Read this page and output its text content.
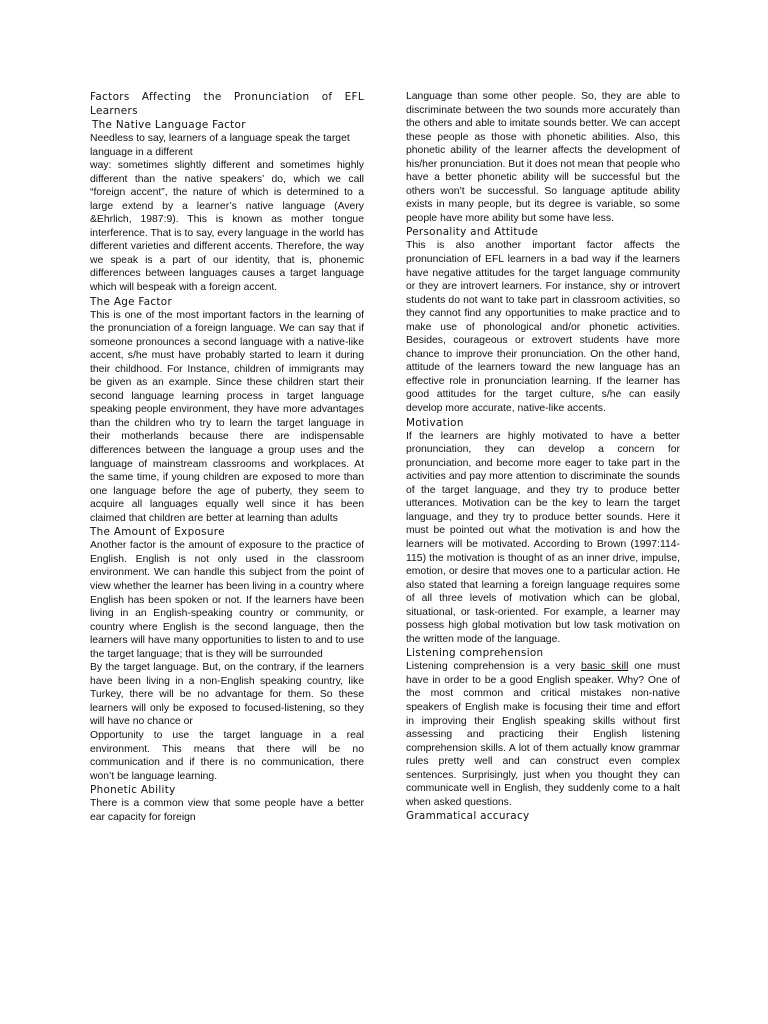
Factors Affecting the Pronunciation of EFL Learners

The Native Language Factor

Needless to say, learners of a language speak the target language in a different

way: sometimes slightly different and sometimes highly different than the native speakers’ do, which we call “foreign accent”, the nature of which is determined to a large extend by a learner’s native language (Avery &Ehrlich, 1987:9). This is known as mother tongue interference. That is to say, every language in the world has different varieties and different accents. Therefore, the way we speak is a part of our identity, that is, phonemic differences between languages causes a target language which will bespeak with a foreign accent.

The Age Factor

This is one of the most important factors in the learning of the pronunciation of a foreign language. We can say that if someone pronounces a second language with a native-like accent, s/he must have probably started to learn it during their childhood. For Instance, children of immigrants may be given as an example. Since these children start their second language learning process in target language speaking people environment, they have more advantages than the children who try to learn the target language in their motherlands because there are indispensable differences between the language a group uses and the language of mainstream classrooms and workplaces. At the same time, if young children are exposed to more than one language before the age of puberty, they seem to acquire all languages equally well since it has been claimed that children are better at learning than adults

The Amount of Exposure

Another factor is the amount of exposure to the practice of English. English is not only used in the classroom environment. We can handle this subject from the point of view whether the learner has been living in a country where English has been spoken or not. If the learners have been living in an English-speaking country or community, or country where English is the second language, then the learners will have many opportunities to listen to and to use the target language; that is they will be surrounded

By the target language. But, on the contrary, if the learners have been living in a non-English speaking country, like Turkey, there will be no advantage for them. So these learners will only be exposed to focused-listening, so they will have no chance or

Opportunity to use the target language in a real environment. This means that there will be no communication and if there is no communication, there won’t be language learning.

Phonetic Ability

There is a common view that some people have a better ear capacity for foreign

Language than some other people. So, they are able to discriminate between the two sounds more accurately than the others and able to imitate sounds better. We can accept these people as those with phonetic abilities. Also, this phonetic ability of the learner affects the development of his/her pronunciation. But it does not mean that people who have a better phonetic ability will be successful but the others won’t be successful. So language aptitude ability exists in many people, but its degree is variable, so some people have more ability but some have less.

Personality and Attitude

This is also another important factor affects the pronunciation of EFL learners in a bad way if the learners have negative attitudes for the target language community or they are introvert learners. For instance, shy or introvert students do not want to take part in classroom activities, so they cannot find any opportunities to make practice and to make use of phonological and/or phonetic activities. Besides, courageous or extrovert students have more chance to improve their pronunciation. On the other hand, attitude of the learners toward the new language has an effective role in pronunciation learning. If the learner has good attitudes for the target culture, s/he can easily develop more accurate, native-like accents.

Motivation

If the learners are highly motivated to have a better pronunciation, they can develop a concern for pronunciation, and become more eager to take part in the activities and pay more attention to discriminate the sounds of the target language, and they try to produce better utterances. Motivation can be the key to learn the target language, and they try to produce better sounds. Here it must be pointed out what the motivation is and how the learners will be motivated. According to Brown (1997:114-115) the motivation is thought of as an inner drive, impulse, emotion, or desire that moves one to a particular action. He also stated that learning a foreign language requires some of all three levels of motivation which can be global, situational, or task-oriented. For example, a learner may possess high global motivation but low task motivation on the written mode of the language.

Listening comprehension

Listening comprehension is a very basic skill one must have in order to be a good English speaker. Why? One of the most common and critical mistakes non-native speakers of English make is focusing their time and effort in improving their English speaking skills without first assessing and practicing their English listening comprehension skills. A lot of them actually know grammar rules pretty well and can construct even complex sentences. Surprisingly, just when you thought they can communicate well in English, they suddenly come to a halt when asked questions.

Grammatical accuracy
